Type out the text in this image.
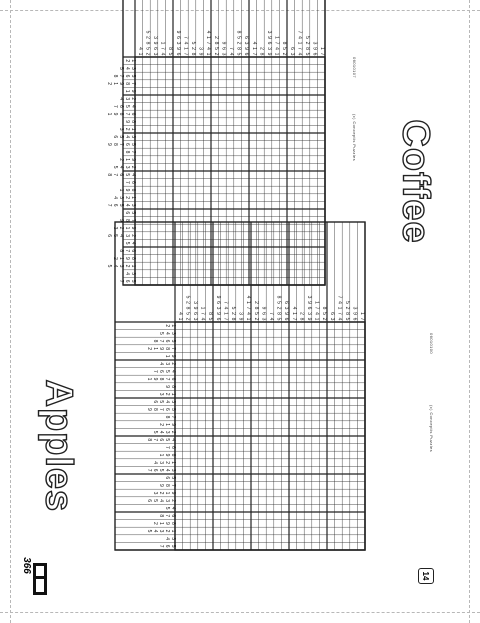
1
4
2
5
8
2
5
3
6
9
3
4
7
1
5
8
6
9
3
6
9
7
1
4
7
8
2
5
9
3
1
4
7
1
4
2
5
8
2
3
6
9
4
7
5
8
2
5
8
6
9
3
6
7
1
4
8
2
9
3
6
9
3
1
4
7
1
2
5
8
3
6
4
7
1
4
7
5
8
2
5
6
9
3
7
1
1
2
3
4
5
5
6
7
8
7
8
9
1
2
9
1
2
3
4
4
5
6
7
6
7
8
9
1
8
9
1
2
3
3
4
5
6
5
6
7
8
9
7
8
9
1
2
2
3
4
5
4
5
6
7
8
6
7
8
9
1
1
2
3
4
3
4
5
6
7
5
6
7
8
9
9
1
2
3
2
3
4
5
6
4
5
6
7
8
8
9
1
2
1
2
3
4
5
3
4
5
6
7
1
4
2
5
8
2
5
3
6
9
3
4
7
1
5
8
6
9
3
6
9
7
1
4
7
8
2
5
9
3
1
4
7
1
4
2
5
8
2
3
6
9
4
7
5
8
2
5
8
6
9
3
6
7
1
4
8
2
9
3
6
9
3
1
4
7
1
2
5
8
3
6
4
7
1
4
7
5
8
2
5
6
9
3
7
1
1
2
3
4
5
5
6
7
8
7
8
9
1
2
9
1
2
3
4
4
5
6
7
6
7
8
9
1
8
9
1
2
3
3
4
5
6
5
6
7
8
9
7
8
9
1
2
2
3
4
5
4
5
6
7
8
6
7
8
9
1
1
2
3
4
3
4
5
6
7
5
6
7
8
9
9
1
2
3
2
3
4
5
6
4
5
6
7
8
8
9
1
2
1
2
3
4
5
3
4
5
6
7
Apples
Coffee
(c) Conceptis Puzzles
06010100
(c) Conceptis Puzzles
06010107
366
14
